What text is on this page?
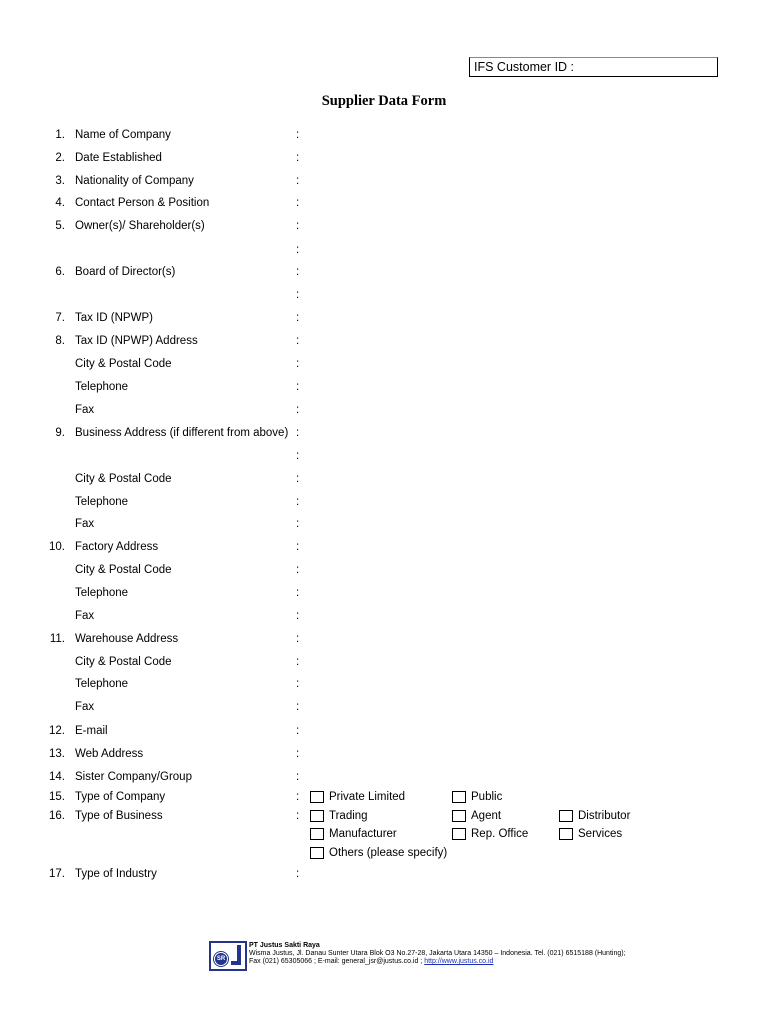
IFS Customer ID :
Supplier Data Form
1. Name of Company	:
2. Date Established	:
3. Nationality of Company	:
4. Contact Person & Position	:
5. Owner(s)/ Shareholder(s)	:
:
6. Board of Director(s)	:
:
7. Tax ID (NPWP)	:
8. Tax ID (NPWP) Address	:
City & Postal Code	:
Telephone	:
Fax	:
9. Business Address (if different from above) :
:
City & Postal Code	:
Telephone	:
Fax	:
10. Factory Address	:
City & Postal Code	:
Telephone	:
Fax	:
11. Warehouse Address	:
City & Postal Code	:
Telephone	:
Fax	:
12. E-mail	:
13. Web Address	:
14. Sister Company/Group	:
15. Type of Company	:	Private Limited	Public
16. Type of Business	:	Trading	Agent	Distributor
Manufacturer	Rep. Office	Services
Others (please specify)
17. Type of Industry	:
SR
PT Justus Sakti Raya
Wisma Justus, Jl. Danau Sunter Utara Blok O3 No.27-28, Jakarta Utara 14350 – Indonesia. Tel. (021) 6515188 (Hunting);
Fax (021) 65305066 ; E-mail: general_jsr@justus.co.id ; http://www.justus.co.id
